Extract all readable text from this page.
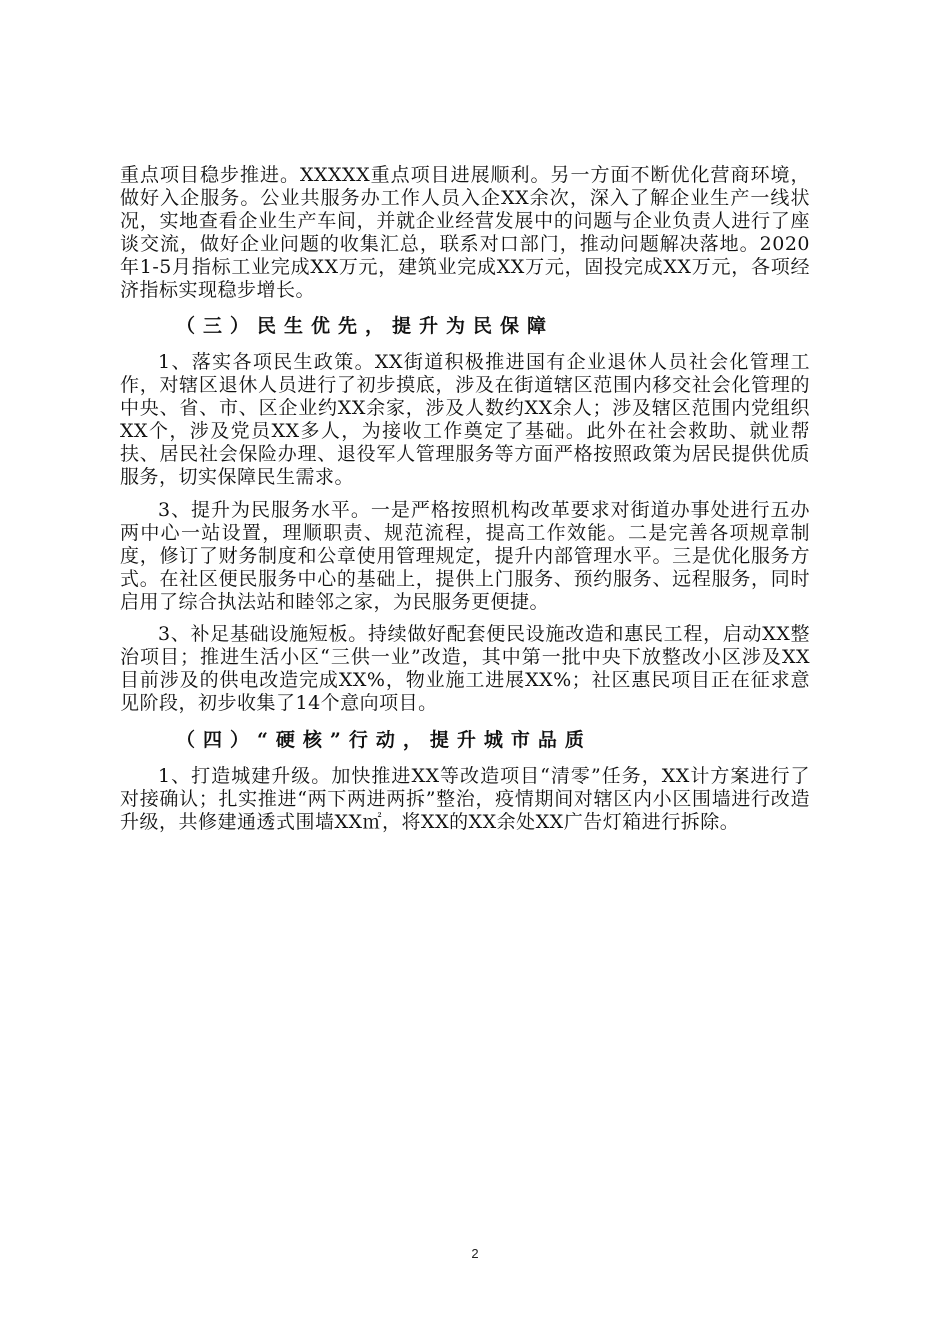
重点项目稳步推进。XXXXX重点项目进展顺利。另一方面不断优化营商环境，做好入企服务。公业共服务办工作人员入企XX余次，深入了解企业生产一线状况，实地查看企业生产车间，并就企业经营发展中的问题与企业负责人进行了座谈交流，做好企业问题的收集汇总，联系对口部门，推动问题解决落地。2020年1-5月指标工业完成XX万元，建筑业完成XX万元，固投完成XX万元，各项经济指标实现稳步增长。

（三）民生优先，提升为民保障

1、落实各项民生政策。XX街道积极推进国有企业退休人员社会化管理工作，对辖区退休人员进行了初步摸底，涉及在街道辖区范围内移交社会化管理的中央、省、市、区企业约XX余家，涉及人数约XX余人；涉及辖区范围内党组织XX个，涉及党员XX多人，为接收工作奠定了基础。此外在社会救助、就业帮扶、居民社会保险办理、退役军人管理服务等方面严格按照政策为居民提供优质服务，切实保障民生需求。

3、提升为民服务水平。一是严格按照机构改革要求对街道办事处进行五办两中心一站设置，理顺职责、规范流程，提高工作效能。二是完善各项规章制度，修订了财务制度和公章使用管理规定，提升内部管理水平。三是优化服务方式。在社区便民服务中心的基础上，提供上门服务、预约服务、远程服务，同时启用了综合执法站和睦邻之家，为民服务更便捷。

3、补足基础设施短板。持续做好配套便民设施改造和惠民工程，启动XX整治项目；推进生活小区“三供一业”改造，其中第一批中央下放整改小区涉及XX目前涉及的供电改造完成XX%，物业施工进展XX%；社区惠民项目正在征求意见阶段，初步收集了14个意向项目。

（四）“硬核”行动，提升城市品质

1、打造城建升级。加快推进XX等改造项目“清零”任务，XX计方案进行了对接确认；扎实推进“两下两进两拆”整治，疫情期间对辖区内小区围墙进行改造升级，共修建通透式围墙XX㎡，将XX的XX余处XX广告灯箱进行拆除。

2
